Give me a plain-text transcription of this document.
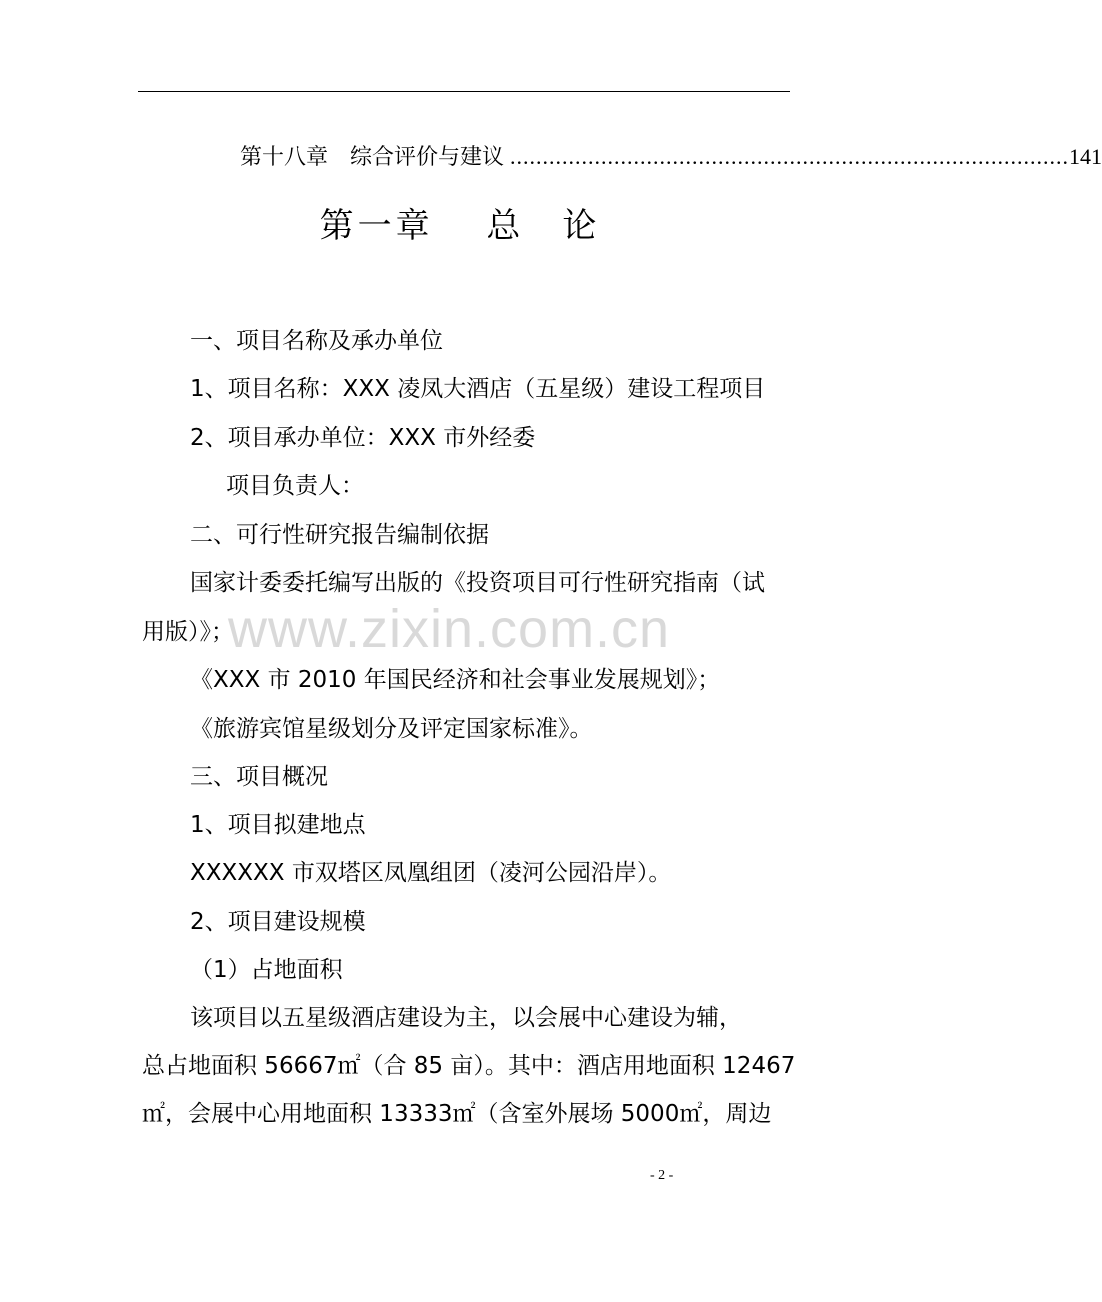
第十八章　综合评价与建议 ...................................................................................... 141
第一章　 总　论
一、项目名称及承办单位
1、项目名称：XXX 凌凤大酒店（五星级）建设工程项目
2、项目承办单位：XXX 市外经委
项目负责人：
二、可行性研究报告编制依据
国家计委委托编写出版的《投资项目可行性研究指南（试
用版）》；
《XXX 市 2010 年国民经济和社会事业发展规划》；
《旅游宾馆星级划分及评定国家标准》。
三、项目概况
1、项目拟建地点
XXXXXX 市双塔区凤凰组团（凌河公园沿岸）。
2、项目建设规模
（1）占地面积
该项目以五星级酒店建设为主，以会展中心建设为辅，
总占地面积 56667㎡（合 85 亩）。其中：酒店用地面积 12467
㎡，会展中心用地面积 13333㎡（含室外展场 5000㎡，周边
www.zixin.com.cn
- 2 -
